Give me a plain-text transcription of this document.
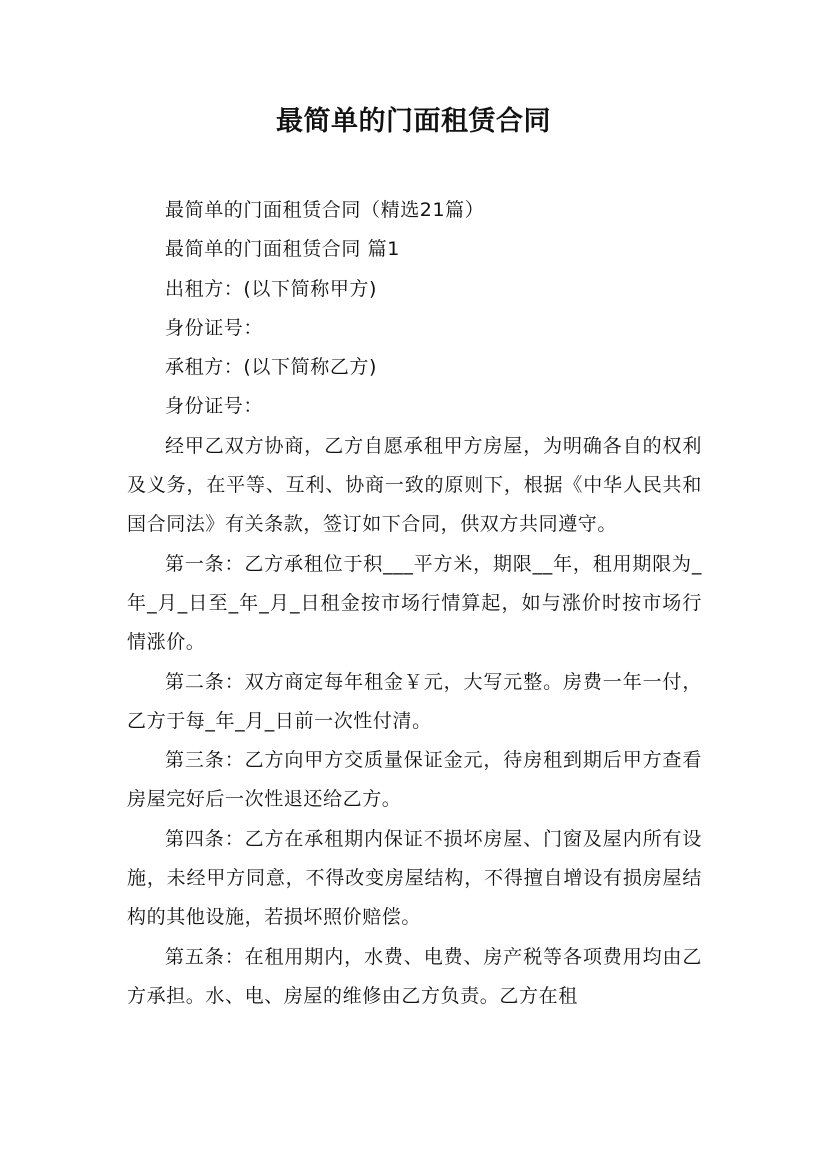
最简单的门面租赁合同

最简单的门面租赁合同（精选21篇）

最简单的门面租赁合同 篇1

出租方：(以下简称甲方)

身份证号：

承租方：(以下简称乙方)

身份证号：

经甲乙双方协商，乙方自愿承租甲方房屋，为明确各自的权利及义务，在平等、互利、协商一致的原则下，根据《中华人民共和国合同法》有关条款，签订如下合同，供双方共同遵守。

第一条：乙方承租位于积___平方米，期限__年，租用期限为_年_月_日至_年_月_日租金按市场行情算起，如与涨价时按市场行情涨价。

第二条：双方商定每年租金￥元，大写元整。房费一年一付，乙方于每_年_月_日前一次性付清。

第三条：乙方向甲方交质量保证金元，待房租到期后甲方查看房屋完好后一次性退还给乙方。

第四条：乙方在承租期内保证不损坏房屋、门窗及屋内所有设施，未经甲方同意，不得改变房屋结构，不得擅自增设有损房屋结构的其他设施，若损坏照价赔偿。

第五条：在租用期内，水费、电费、房产税等各项费用均由乙方承担。水、电、房屋的维修由乙方负责。乙方在租
